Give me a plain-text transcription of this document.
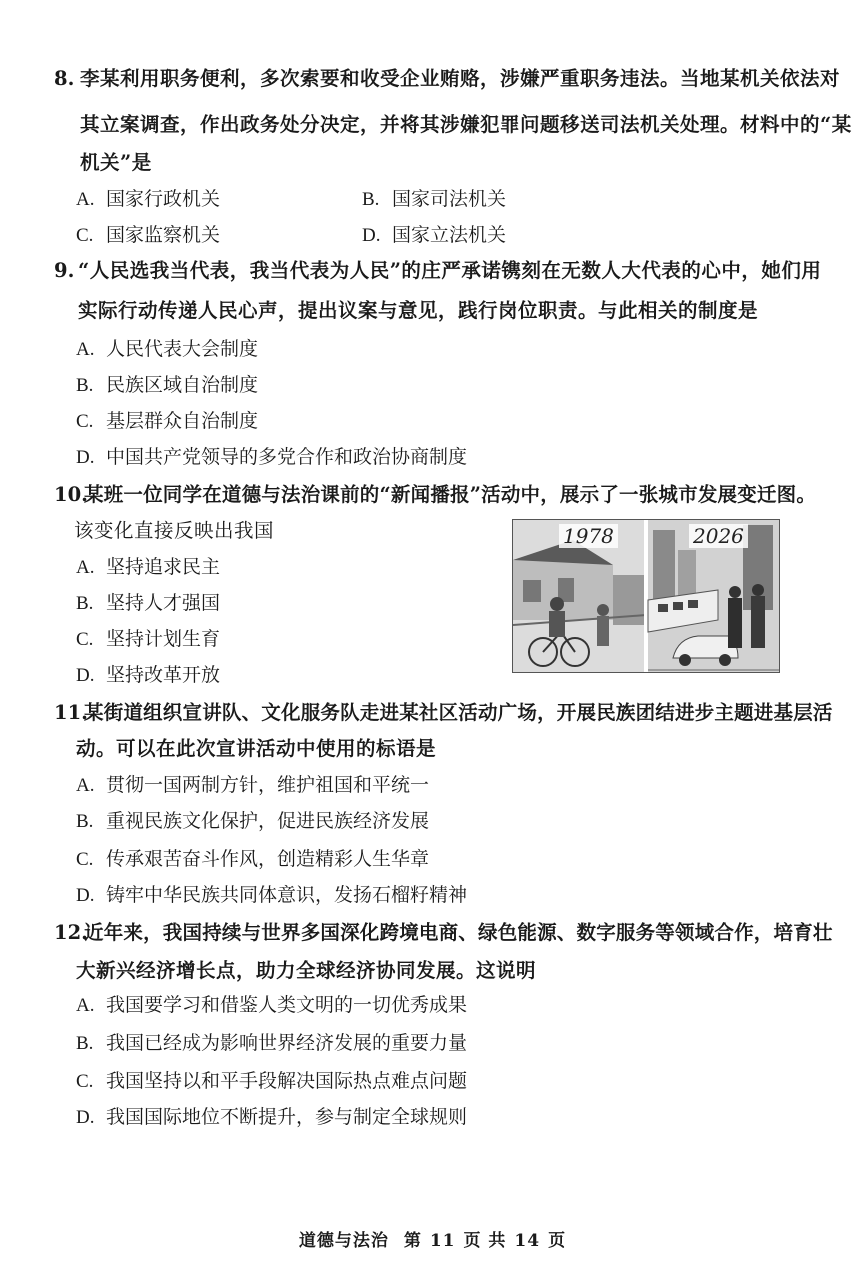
8. 李某利用职务便利，多次索要和收受企业贿赂，涉嫌严重职务违法。当地某机关依法对
其立案调查，作出政务处分决定，并将其涉嫌犯罪问题移送司法机关处理。材料中的“某
机关”是
A. 国家行政机关	B. 国家司法机关
C. 国家监察机关	D. 国家立法机关
9. “人民选我当代表，我当代表为人民”的庄严承诺镌刻在无数人大代表的心中，她们用
实际行动传递人民心声，提出议案与意见，践行岗位职责。与此相关的制度是
A. 人民代表大会制度
B. 民族区域自治制度
C. 基层群众自治制度
D. 中国共产党领导的多党合作和政治协商制度
10.
某班一位同学在道德与法治课前的“新闻播报”活动中，展示了一张城市发展变迁图。
该变化直接反映出我国	1978	2026
A. 坚持追求民主
B. 坚持人才强国
C. 坚持计划生育
D. 坚持改革开放
11.
某街道组织宣讲队、文化服务队走进某社区活动广场，开展民族团结进步主题进基层活
动。可以在此次宣讲活动中使用的标语是
A. 贯彻一国两制方针，维护祖国和平统一
B. 重视民族文化保护，促进民族经济发展
C. 传承艰苦奋斗作风，创造精彩人生华章
D. 铸牢中华民族共同体意识，发扬石榴籽精神
12.
近年来，我国持续与世界多国深化跨境电商、绿色能源、数字服务等领域合作，培育壮
大新兴经济增长点，助力全球经济协同发展。这说明
A. 我国要学习和借鉴人类文明的一切优秀成果
B. 我国已经成为影响世界经济发展的重要力量
C. 我国坚持以和平手段解决国际热点难点问题
D. 我国国际地位不断提升，参与制定全球规则
道德与法治 第 11 页 共 14 页
